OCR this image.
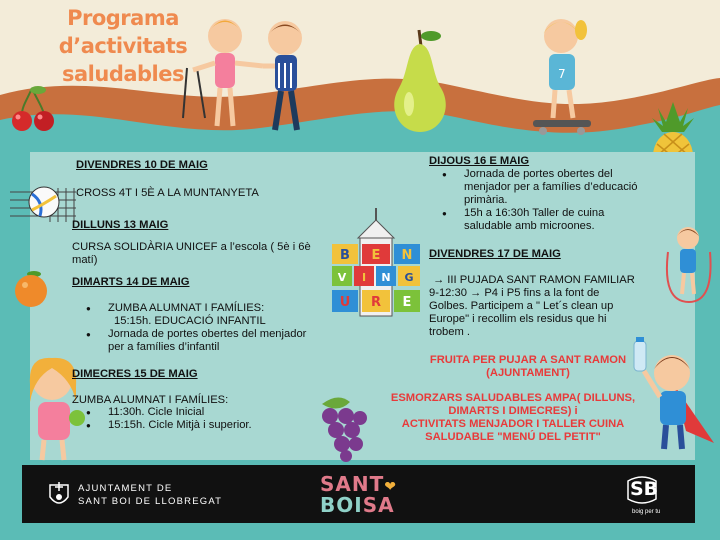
Programa
d’activitats
saludables	7
B E N
V I N G
U R E
DIVENDRES 10 DE MAIG
CROSS 4T I 5È A LA MUNTANYETA
DILLUNS 13 MAIG
CURSA SOLIDÀRIA UNICEF a l’escola ( 5è i 6è
matí)
DIMARTS 14 DE MAIG
● ZUMBA ALUMNAT I FAMÍLIES:
15:15h. EDUCACIÓ INFANTIL
● Jornada de portes obertes del menjador
per a famílies d’infantil
DIMECRES 15 DE MAIG
ZUMBA ALUMNAT I FAMÍLIES:
● 11:30h. Cicle Inicial
● 15:15h. Cicle Mitjà i superior.
DIJOUS 16 E MAIG
● Jornada de portes obertes del
menjador per a famílies d’educació
primària.
● 15h a 16:30h Taller de cuina
saludable amb microones.
DIVENDRES 17 DE MAIG
→ III PUJADA SANT RAMON FAMILIAR
9-12:30 → P4 i P5 fins a la font de
Golbes. Participem a " Let´s clean up
Europe" i recollim els residus que hi
trobem .
FRUITA PER PUJAR A SANT RAMON
(AJUNTAMENT)
ESMORZARS SALUDABLES AMPA( DILLUNS,
DIMARTS I DIMECRES) i
ACTIVITATS MENJADOR I TALLER CUINA
SALUDABLE "MENÚ DEL PETIT"
AJUNTAMENT DE
SANT BOI DE LLOBREGAT
SANT❤
BOISA
SB
boig per tu
